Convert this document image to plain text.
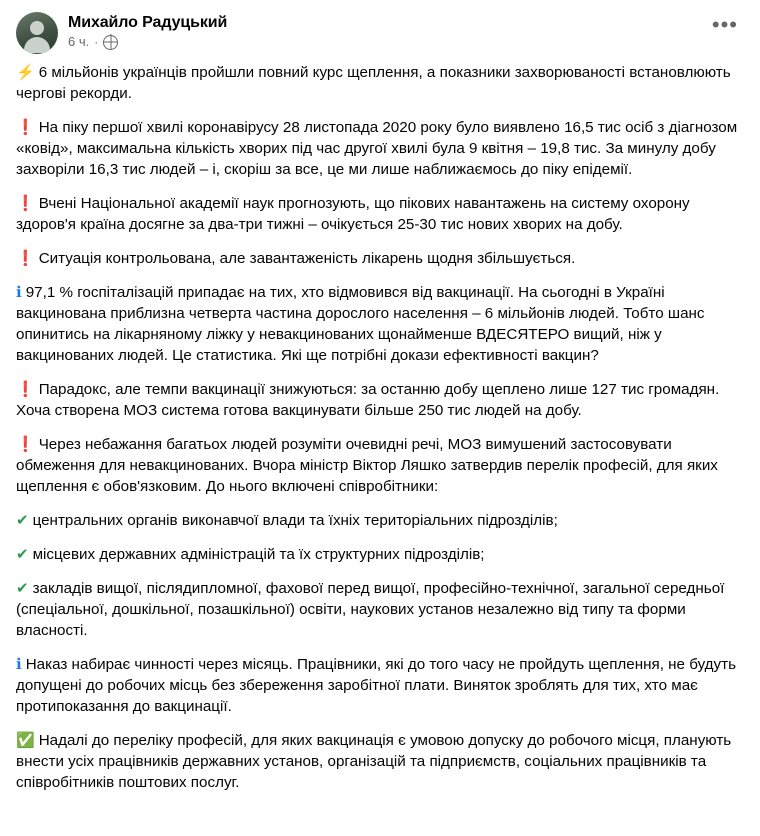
Михайло Радуцький
6 ч. ·
•••

⚡ 6 мільйонів українців пройшли повний курс щеплення, а показники захворюваності встановлюють чергові рекорди.

❗ На піку першої хвилі коронавірусу 28 листопада 2020 року було виявлено 16,5 тис осіб з діагнозом «ковід», максимальна кількість хворих під час другої хвилі була 9 квітня – 19,8 тис. За минулу добу захворіли 16,3 тис людей – і, скоріш за все, це ми лише наближаємось до піку епідемії.

❗ Вчені Національної академії наук прогнозують, що пікових навантажень на систему охорону здоров'я країна досягне за два-три тижні – очікується 25-30 тис нових хворих на добу.

❗ Ситуація контрольована, але завантаженість лікарень щодня збільшується.

ℹ 97,1 % госпіталізацій припадає на тих, хто відмовився від вакцинації. На сьогодні в Україні вакцинована приблизна четверта частина дорослого населення – 6 мільйонів людей. Тобто шанс опинитись на лікарняному ліжку у невакцинованих щонайменше ВДЕСЯТЕРО вищий, ніж у вакцинованих людей. Це статистика. Які ще потрібні докази ефективності вакцин?

❗ Парадокс, але темпи вакцинації знижуються: за останню добу щеплено лише 127 тис громадян. Хоча створена МОЗ система готова вакцинувати більше 250 тис людей на добу.

❗ Через небажання багатьох людей розуміти очевидні речі, МОЗ вимушений застосовувати обмеження для невакцинованих. Вчора міністр Віктор Ляшко затвердив перелік професій, для яких щеплення є обов'язковим. До нього включені співробітники:

✔ центральних органів виконавчої влади та їхніх територіальних підрозділів;

✔ місцевих державних адміністрацій та їх структурних підрозділів;

✔ закладів вищої, післядипломної, фахової перед вищої, професійно-технічної, загальної середньої (спеціальної, дошкільної, позашкільної) освіти, наукових установ незалежно від типу та форми власності.

ℹ Наказ набирає чинності через місяць. Працівники, які до того часу не пройдуть щеплення, не будуть допущені до робочих місць без збереження заробітної плати. Виняток зроблять для тих, хто має протипоказання до вакцинації.

✅ Надалі до переліку професій, для яких вакцинація є умовою допуску до робочого місця, планують внести усіх працівників державних установ, організацій та підприємств, соціальних працівників та співробітників поштових послуг.
